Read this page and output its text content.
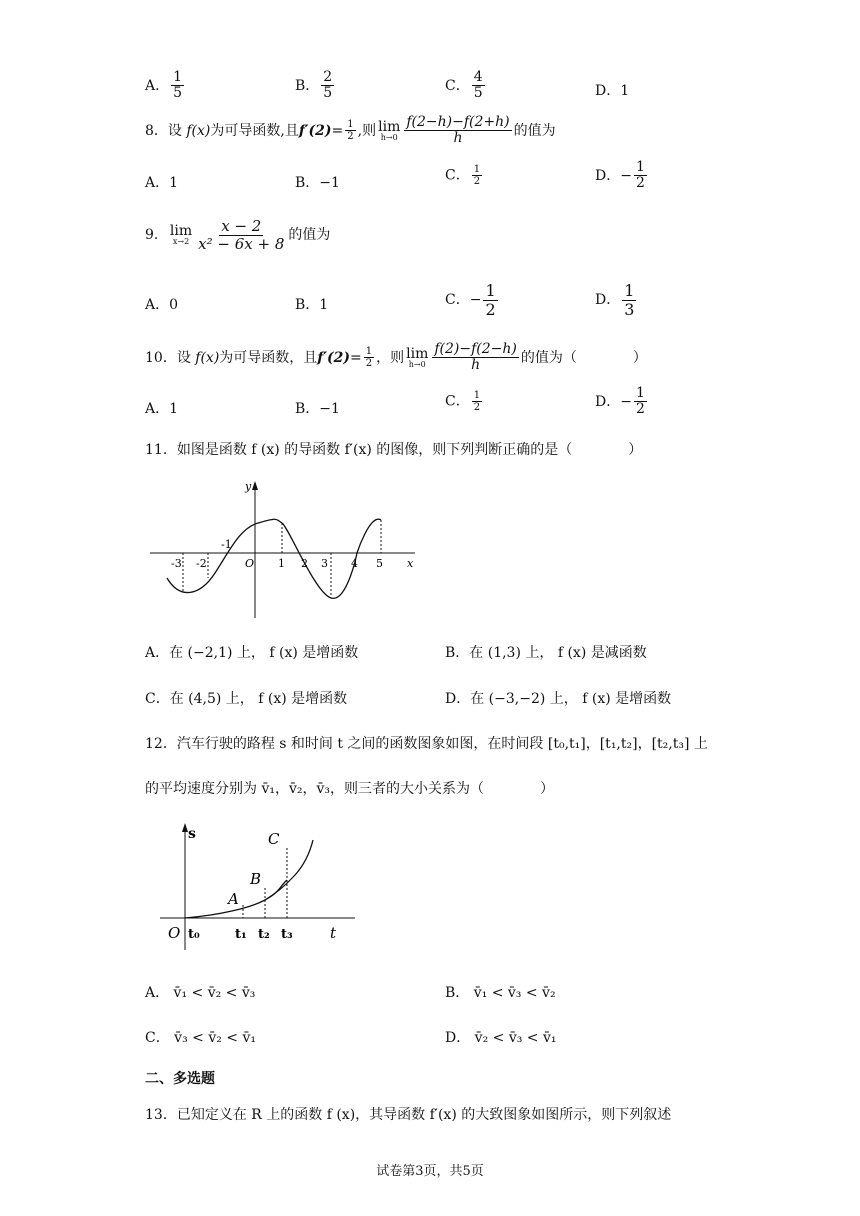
A． $\frac{1}{5}$	B． $\frac{2}{5}$	C． $\frac{4}{5}$	D．1
8．设 f(x)为可导函数,且$f'(2)= \frac{1}{2}$ ,则 lim
$h\to 0 \frac{f(2-h)-f(2+h)}{h}$ 的值为
A．1	B．−1	C． $\frac{1}{2}$	D．− $\frac{1}{2}$
9． lim
$x\to 2 \frac{x - 2}{\text{x² − 6x + 8}}$ 的值为
A．0	B．1	C．− $\frac{1}{2}$	D． $\frac{1}{3}$
10．设 f(x)为可导函数，且$f'(2)= \frac{1}{2}$ ，则 lim
$h\to 0 \frac{f(2)-f(2-h)}{h}$ 的值为（　　　　）
A．1	B．−1	C． $\frac{1}{2}$	D．− $\frac{1}{2}$
11．如图是函数 f (x) 的导函数 f′(x) 的图像，则下列判断正确的是（　　　　）
y
x
O
-3 -2
-1
1 2 3 4 5
A．在 (−2,1) 上， f (x) 是增函数	B．在 (1,3) 上， f (x) 是减函数
C．在 (4,5) 上， f (x) 是增函数	D．在 (−3,−2) 上， f (x) 是增函数
12．汽车行驶的路程 s 和时间 t 之间的函数图象如图，在时间段 [t₀,t₁]，[t₁,t₂]，[t₂,t₃] 上
的平均速度分别为 v̄₁，v̄₂，v̄₃，则三者的大小关系为（　　　　）
s
t
O
A
B
C
t₀	t₁ t₂ t₃
A． v̄₁ < v̄₂ < v̄₃	B． v̄₁ < v̄₃ < v̄₂
C． v̄₃ < v̄₂ < v̄₁	D． v̄₂ < v̄₃ < v̄₁
二、多选题
13．已知定义在 R 上的函数 f (x)，其导函数 f′(x) 的大致图象如图所示，则下列叙述
试卷第3页，共5页
